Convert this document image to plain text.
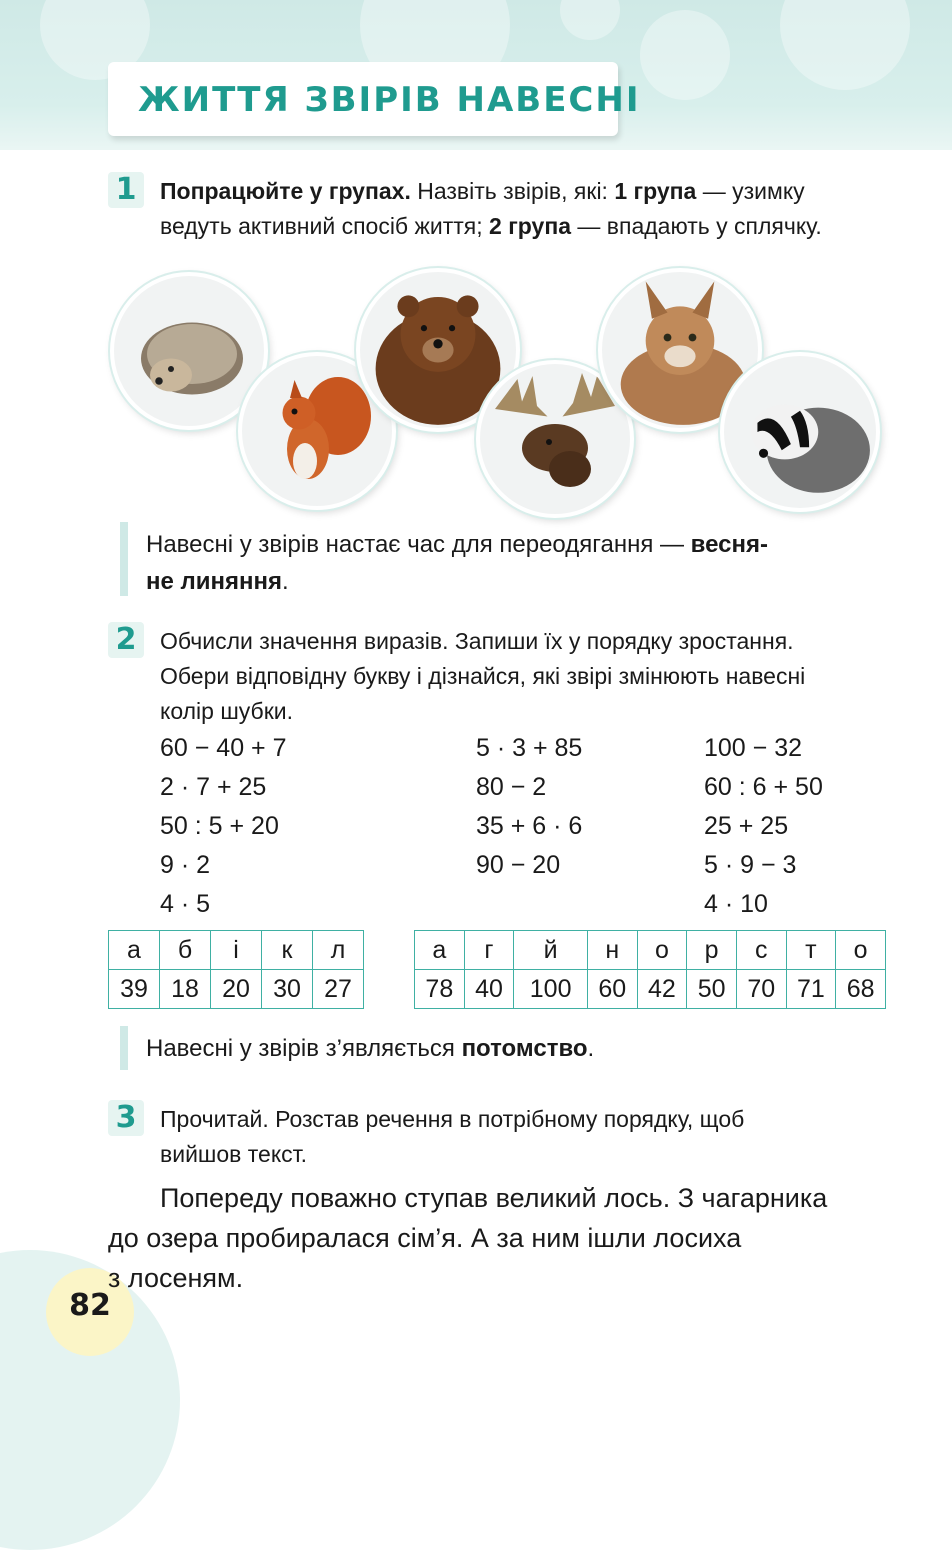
ЖИТТЯ ЗВІРІВ НАВЕСНІ
1	Попрацюйте у групах. Назвіть звірів, які: 1 група — узимку
ведуть активний спосіб життя; 2 група — впадають у сплячку.
Навесні у звірів настає час для переодягання — весня-
не линяння.
2	Обчисли значення виразів. Запиши їх у порядку зростання.
Обери відповідну букву і дізнайся, які звірі змінюють навесні
колір шубки.
60 − 40 + 7
2 · 7 + 25
50 : 5 + 20
9 · 2
4 · 5
5 · 3 + 85
80 − 2
35 + 6 · 6
90 − 20
100 − 32
60 : 6 + 50
25 + 25
5 · 9 − 3
4 · 10
а	б	і	к	л
39	18	20	30	27
а	г	й	н	о	р	с	т	о
78	40	100	60	42	50	70	71	68
Навесні у звірів з’являється потомство.
3	Прочитай. Розстав речення в потрібному порядку, щоб
вийшов текст.
82
Попереду поважно ступав великий лось. З чагарника
до озера пробиралася сім’я. А за ним ішли лосиха
з лосеням.
